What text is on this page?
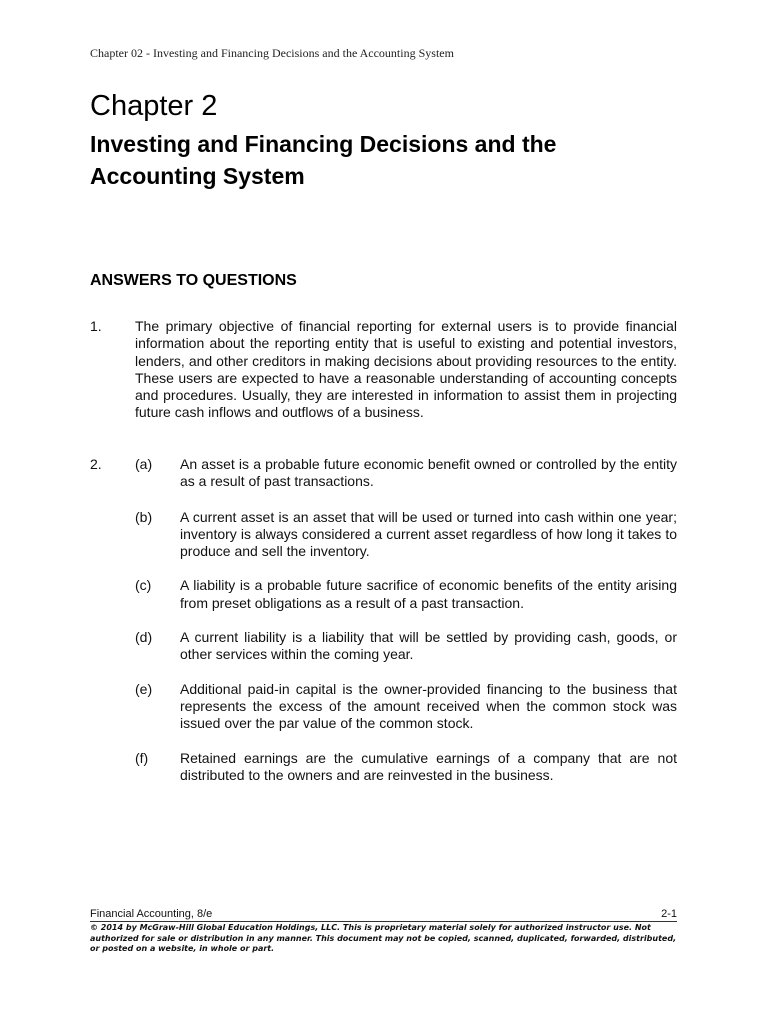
Chapter 02 - Investing and Financing Decisions and the Accounting System
Chapter 2
Investing and Financing Decisions and the Accounting System
ANSWERS TO QUESTIONS
1. The primary objective of financial reporting for external users is to provide financial information about the reporting entity that is useful to existing and potential investors, lenders, and other creditors in making decisions about providing resources to the entity. These users are expected to have a reasonable understanding of accounting concepts and procedures. Usually, they are interested in information to assist them in projecting future cash inflows and outflows of a business.
2. (a) An asset is a probable future economic benefit owned or controlled by the entity as a result of past transactions.
(b) A current asset is an asset that will be used or turned into cash within one year; inventory is always considered a current asset regardless of how long it takes to produce and sell the inventory.
(c) A liability is a probable future sacrifice of economic benefits of the entity arising from preset obligations as a result of a past transaction.
(d) A current liability is a liability that will be settled by providing cash, goods, or other services within the coming year.
(e) Additional paid-in capital is the owner-provided financing to the business that represents the excess of the amount received when the common stock was issued over the par value of the common stock.
(f) Retained earnings are the cumulative earnings of a company that are not distributed to the owners and are reinvested in the business.
Financial Accounting, 8/e	2-1
© 2014 by McGraw-Hill Global Education Holdings, LLC. This is proprietary material solely for authorized instructor use. Not authorized for sale or distribution in any manner. This document may not be copied, scanned, duplicated, forwarded, distributed, or posted on a website, in whole or part.
